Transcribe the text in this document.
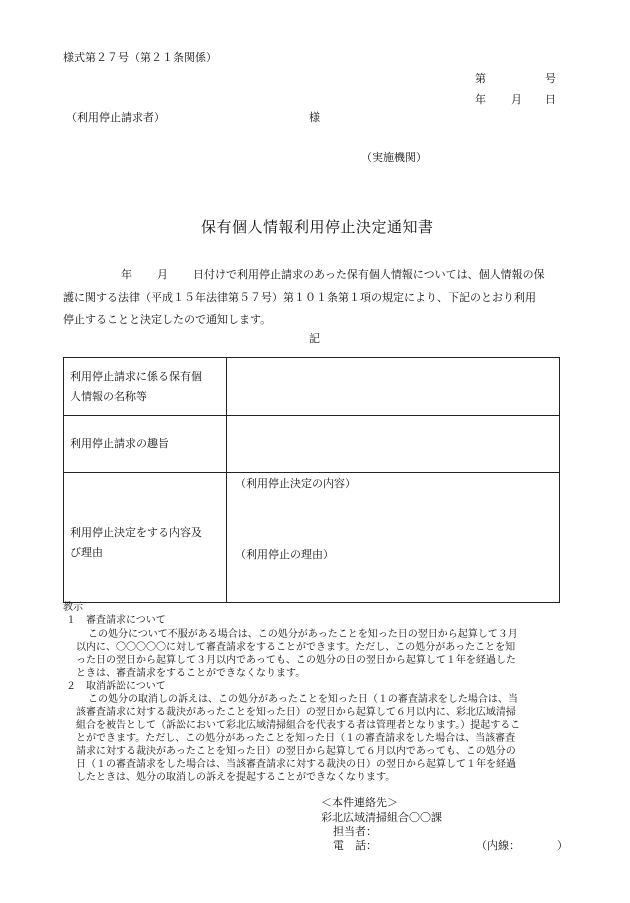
様式第２７号（第２１条関係）
第	号
年 月 日
（利用停止請求者）	様
（実施機関）
保有個人情報利用停止決定通知書
年 月 日付けで利用停止請求のあった保有個人情報については、個人情報の保
護に関する法律（平成１５年法律第５７号）第１０１条第１項の規定により、下記のとおり利用
停止することと決定したので通知します。
記
利用停止請求に係る保有個
人情報の名称等	

利用停止請求の趣旨	

利用停止決定をする内容及
び理由	（利用停止決定の内容）
（利用停止の理由）
教示
１　審査請求について
この処分について不服がある場合は、この処分があったことを知った日の翌日から起算して３月
以内に、〇〇〇〇〇に対して審査請求をすることができます。ただし、この処分があったことを知
った日の翌日から起算して３月以内であっても、この処分の日の翌日から起算して１年を経過した
ときは、審査請求をすることができなくなります。
２　取消訴訟について
この処分の取消しの訴えは、この処分があったことを知った日（１の審査請求をした場合は、当
該審査請求に対する裁決があったことを知った日）の翌日から起算して６月以内に、彩北広域清掃
組合を被告として（訴訟において彩北広域清掃組合を代表する者は管理者となります。）提起するこ
とができます。ただし、この処分があったことを知った日（１の審査請求をした場合は、当該審査
請求に対する裁決があったことを知った日）の翌日から起算して６月以内であっても、この処分の
日（１の審査請求をした場合は、当該審査請求に対する裁決の日）の翌日から起算して１年を経過
したときは、処分の取消しの訴えを提起することができなくなります。
＜本件連絡先＞
彩北広域清掃組合〇〇課
担当者：
電　話：	（内線：	）
